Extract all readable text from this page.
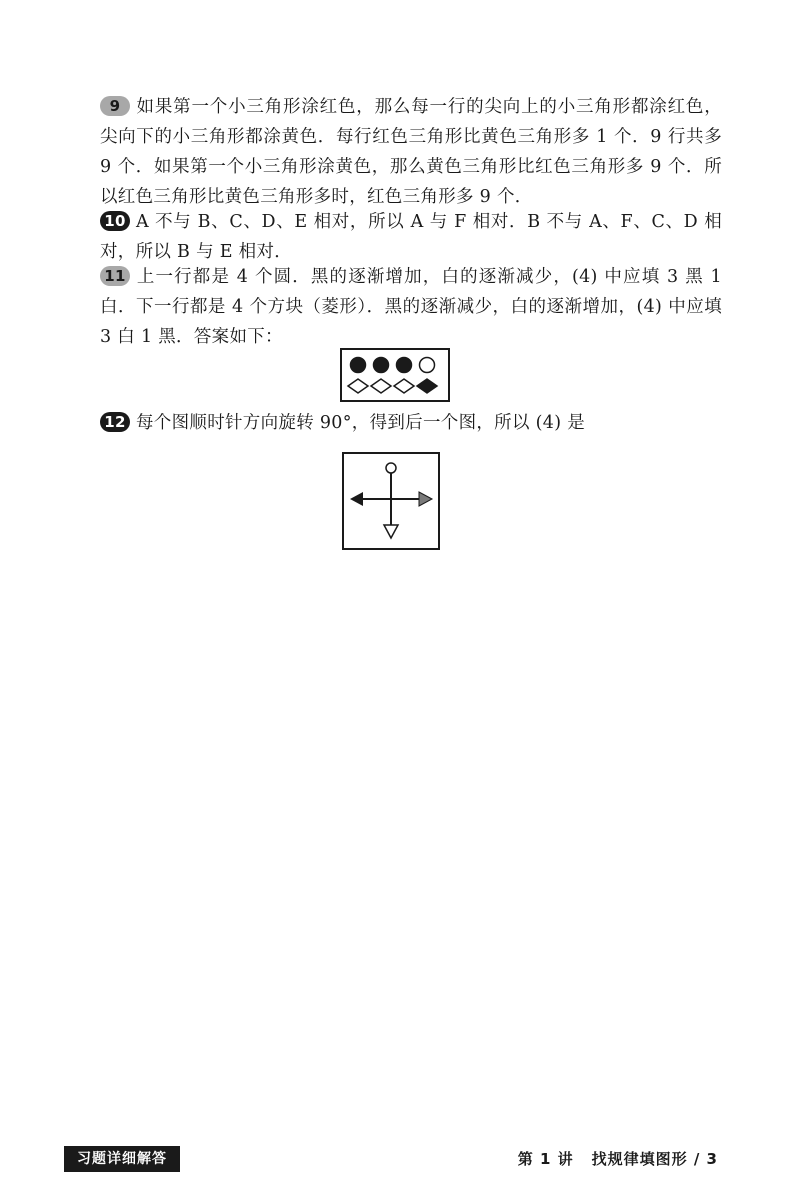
9 如果第一个小三角形涂红色，那么每一行的尖向上的小三角形都涂红色，尖向下的小三角形都涂黄色．每行红色三角形比黄色三角形多 1 个．9 行共多 9 个．如果第一个小三角形涂黄色，那么黄色三角形比红色三角形多 9 个．所以红色三角形比黄色三角形多时，红色三角形多 9 个．
10 A 不与 B、C、D、E 相对，所以 A 与 F 相对．B 不与 A、F、C、D 相对，所以 B 与 E 相对．
11 上一行都是 4 个圆．黑的逐渐增加，白的逐渐减少，(4) 中应填 3 黑 1 白．下一行都是 4 个方块（菱形）．黑的逐渐减少，白的逐渐增加，(4) 中应填 3 白 1 黑．答案如下：
12 每个图顺时针方向旋转 90°，得到后一个图，所以 (4) 是
习题详细解答	第 1 讲 找规律填图形 / 3
